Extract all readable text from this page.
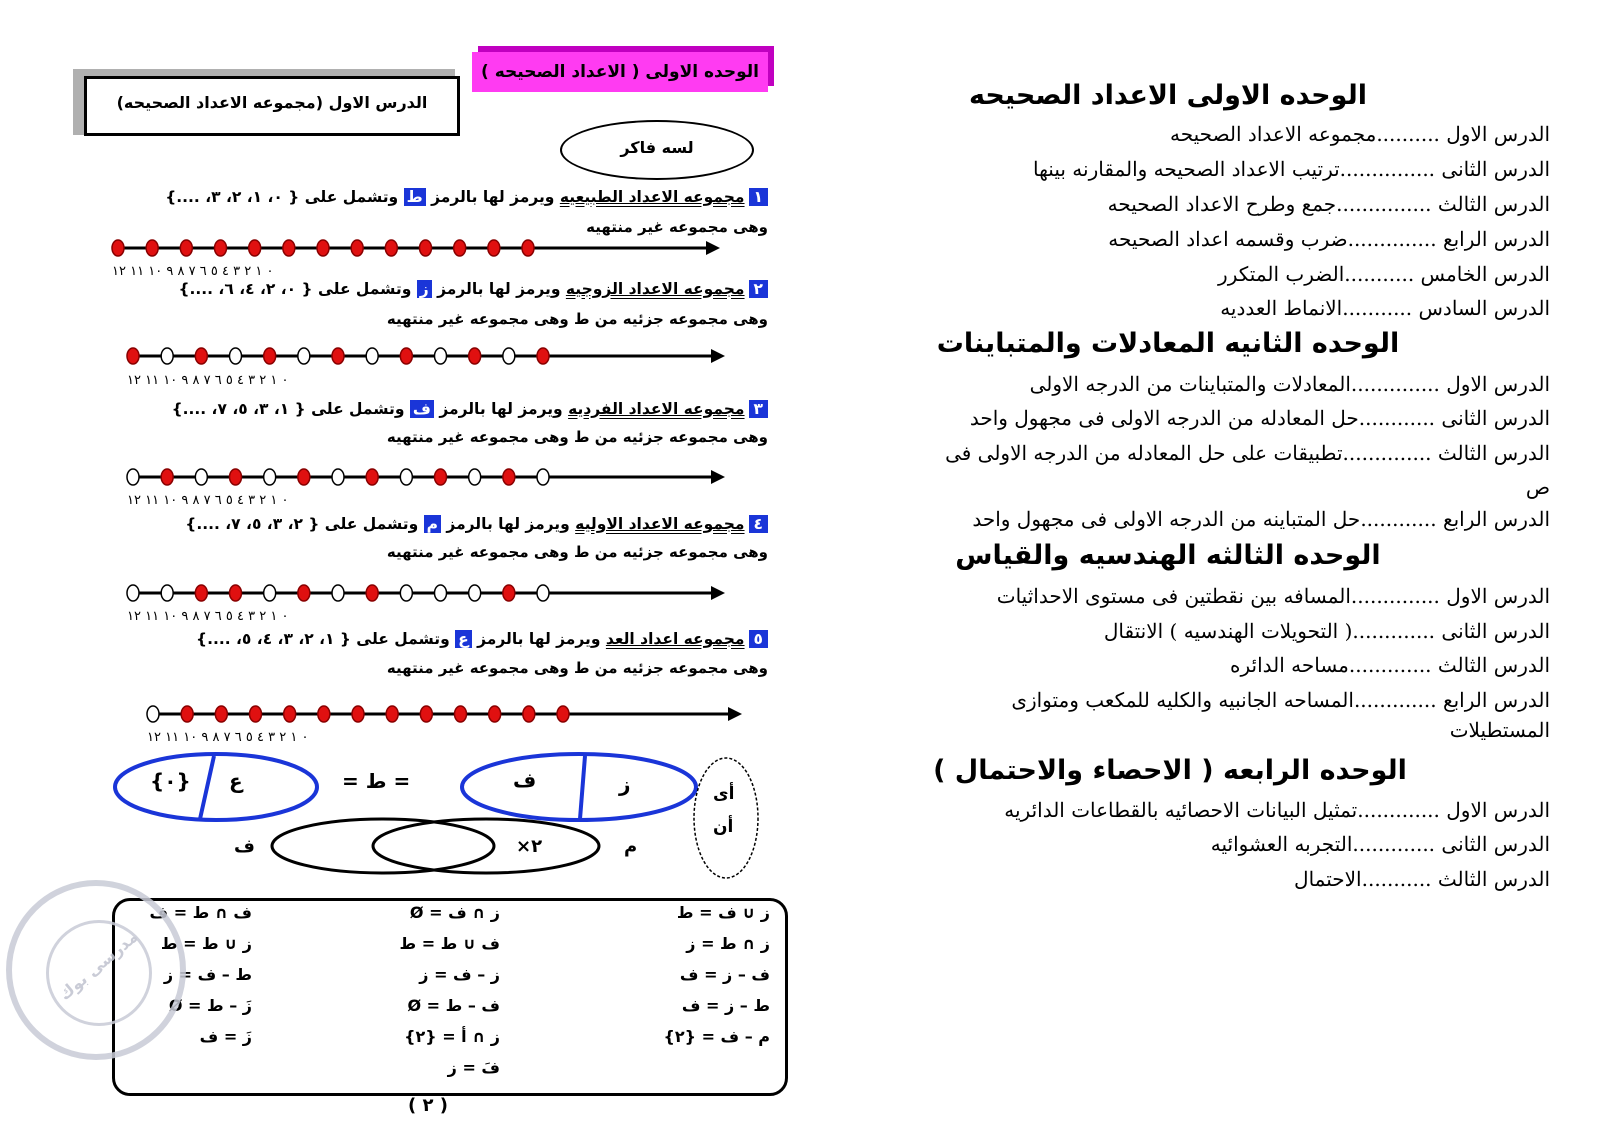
الوحده الاولى الاعداد الصحيحه
الدرس الاول ..........مجموعه الاعداد الصحيحه
الدرس الثانى ...............ترتيب الاعداد الصحيحه والمقارنه بينها
الدرس الثالث ...............جمع وطرح الاعداد الصحيحه
الدرس الرابع ..............ضرب وقسمه اعداد الصحيحه
الدرس الخامس ...........الضرب المتكرر
الدرس السادس ...........الانماط العدديه
الوحده الثانيه المعادلات والمتباينات
الدرس الاول ..............المعادلات والمتباينات من الدرجه الاولى
الدرس الثانى ............حل المعادله من الدرجه الاولى فى مجهول واحد
الدرس الثالث ..............تطبيقات على حل المعادله من الدرجه الاولى فى
ص
الدرس الرابع ............حل المتباينه من الدرجه الاولى فى مجهول واحد
الوحده الثالثه الهندسيه والقياس
الدرس الاول ..............المسافه بين نقطتين فى مستوى الاحداثيات
الدرس الثانى .............( التحويلات الهندسيه ) الانتقال
الدرس الثالث .............مساحه الدائره
الدرس الرابع .............المساحه الجانبيه والكليه للمكعب ومتوازى
المستطيلات
الوحده الرابعه ( الاحصاء والاحتمال )
الدرس الاول .............تمثيل البيانات الاحصائيه بالقطاعات الدائريه
الدرس الثانى .............التجربه العشوائيه
الدرس الثالث ...........الاحتمال
الوحده الاولى ( الاعداد الصحيحه )
الدرس الاول (مجموعه الاعداد الصحيحه)
لسه فاكر
١مجموعه الاعداد الطبيعيه ويرمز لها بالرمز ط وتشمل على { ٠، ١، ٢، ٣، ....}
وهى مجموعه غير منتهيه
٠ ١ ٢ ٣ ٤ ٥ ٦ ٧ ٨ ٩ ١٠ ١١ ١٢
٢مجموعه الاعداد الزوجيه ويرمز لها بالرمز ز وتشمل على { ٠، ٢، ٤، ٦، ....}
وهى مجموعه جزئيه من ط وهى مجموعه غير منتهيه
٠ ١ ٢ ٣ ٤ ٥ ٦ ٧ ٨ ٩ ١٠ ١١ ١٢
٣مجموعه الاعداد الفرديه ويرمز لها بالرمز ف وتشمل على { ١، ٣، ٥، ٧، ....}
وهى مجموعه جزئيه من ط وهى مجموعه غير منتهيه
٠ ١ ٢ ٣ ٤ ٥ ٦ ٧ ٨ ٩ ١٠ ١١ ١٢
٤مجموعه الاعداد الاوليه ويرمز لها بالرمز م وتشمل على { ٢، ٣، ٥، ٧، ....}
وهى مجموعه جزئيه من ط وهى مجموعه غير منتهيه
٠ ١ ٢ ٣ ٤ ٥ ٦ ٧ ٨ ٩ ١٠ ١١ ١٢
٥مجموعه اعداد العد ويرمز لها بالرمز ع وتشمل على { ١، ٢، ٣، ٤، ٥، ....}
وهى مجموعه جزئيه من ط وهى مجموعه غير منتهيه
٠ ١ ٢ ٣ ٤ ٥ ٦ ٧ ٨ ٩ ١٠ ١١ ١٢
{٠} ع	= ط =	ف	ز	أى
أن
ف	٢×	م
ز ∪ ف = ط
ز ∩ ف = Ø
ف ∩ ط = ف
ز ∩ ط = ز
ف ∪ ط = ط
ز ∪ ط = ط
ف – ز = ف
ز – ف = ز
ط – ف = ز
ط – ز = ف
ف – ط = Ø
زَ – ط = Ø
م – ف = {٢}
ز ∩ أ = {٢}
زَ = ف
فَ = ز
( ٢ )
مدرسى بوك
